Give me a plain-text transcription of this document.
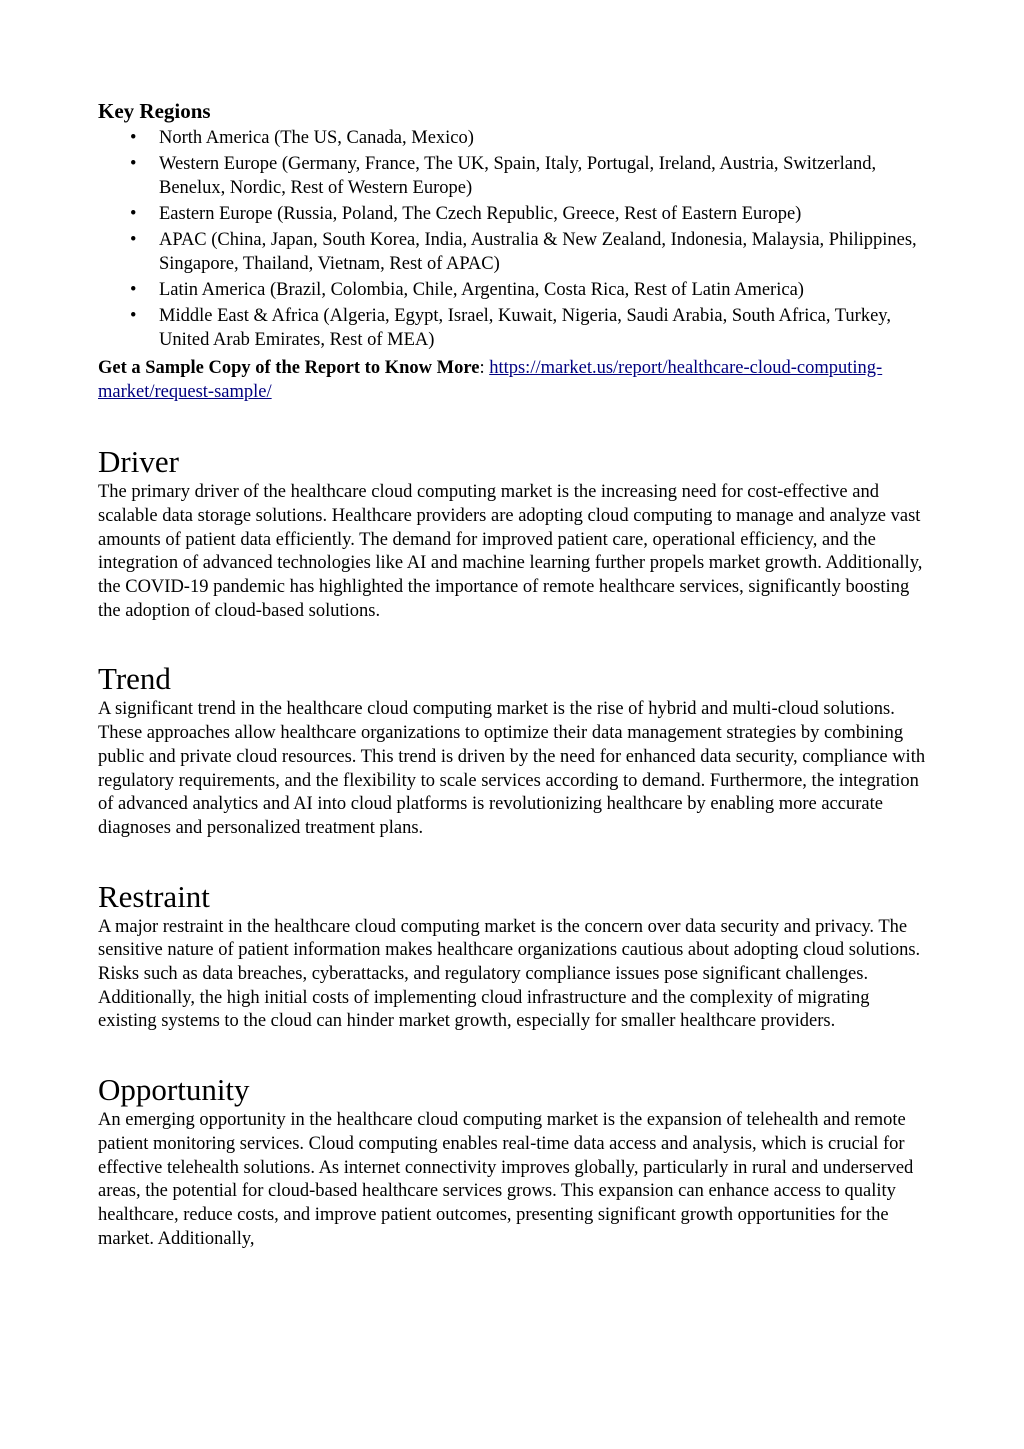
Key Regions
• North America (The US, Canada, Mexico)
• Western Europe (Germany, France, The UK, Spain, Italy, Portugal, Ireland, Austria, Switzerland, Benelux, Nordic, Rest of Western Europe)
• Eastern Europe (Russia, Poland, The Czech Republic, Greece, Rest of Eastern Europe)
• APAC (China, Japan, South Korea, India, Australia & New Zealand, Indonesia, Malaysia, Philippines, Singapore, Thailand, Vietnam, Rest of APAC)
• Latin America (Brazil, Colombia, Chile, Argentina, Costa Rica, Rest of Latin America)
• Middle East & Africa (Algeria, Egypt, Israel, Kuwait, Nigeria, Saudi Arabia, South Africa, Turkey, United Arab Emirates, Rest of MEA)

Get a Sample Copy of the Report to Know More: https://market.us/report/healthcare-cloud-computing-market/request-sample/

Driver

The primary driver of the healthcare cloud computing market is the increasing need for cost-effective and scalable data storage solutions. Healthcare providers are adopting cloud computing to manage and analyze vast amounts of patient data efficiently. The demand for improved patient care, operational efficiency, and the integration of advanced technologies like AI and machine learning further propels market growth. Additionally, the COVID-19 pandemic has highlighted the importance of remote healthcare services, significantly boosting the adoption of cloud-based solutions.

Trend

A significant trend in the healthcare cloud computing market is the rise of hybrid and multi-cloud solutions. These approaches allow healthcare organizations to optimize their data management strategies by combining public and private cloud resources. This trend is driven by the need for enhanced data security, compliance with regulatory requirements, and the flexibility to scale services according to demand. Furthermore, the integration of advanced analytics and AI into cloud platforms is revolutionizing healthcare by enabling more accurate diagnoses and personalized treatment plans.

Restraint

A major restraint in the healthcare cloud computing market is the concern over data security and privacy. The sensitive nature of patient information makes healthcare organizations cautious about adopting cloud solutions. Risks such as data breaches, cyberattacks, and regulatory compliance issues pose significant challenges. Additionally, the high initial costs of implementing cloud infrastructure and the complexity of migrating existing systems to the cloud can hinder market growth, especially for smaller healthcare providers.

Opportunity

An emerging opportunity in the healthcare cloud computing market is the expansion of telehealth and remote patient monitoring services. Cloud computing enables real-time data access and analysis, which is crucial for effective telehealth solutions. As internet connectivity improves globally, particularly in rural and underserved areas, the potential for cloud-based healthcare services grows. This expansion can enhance access to quality healthcare, reduce costs, and improve patient outcomes, presenting significant growth opportunities for the market. Additionally,
